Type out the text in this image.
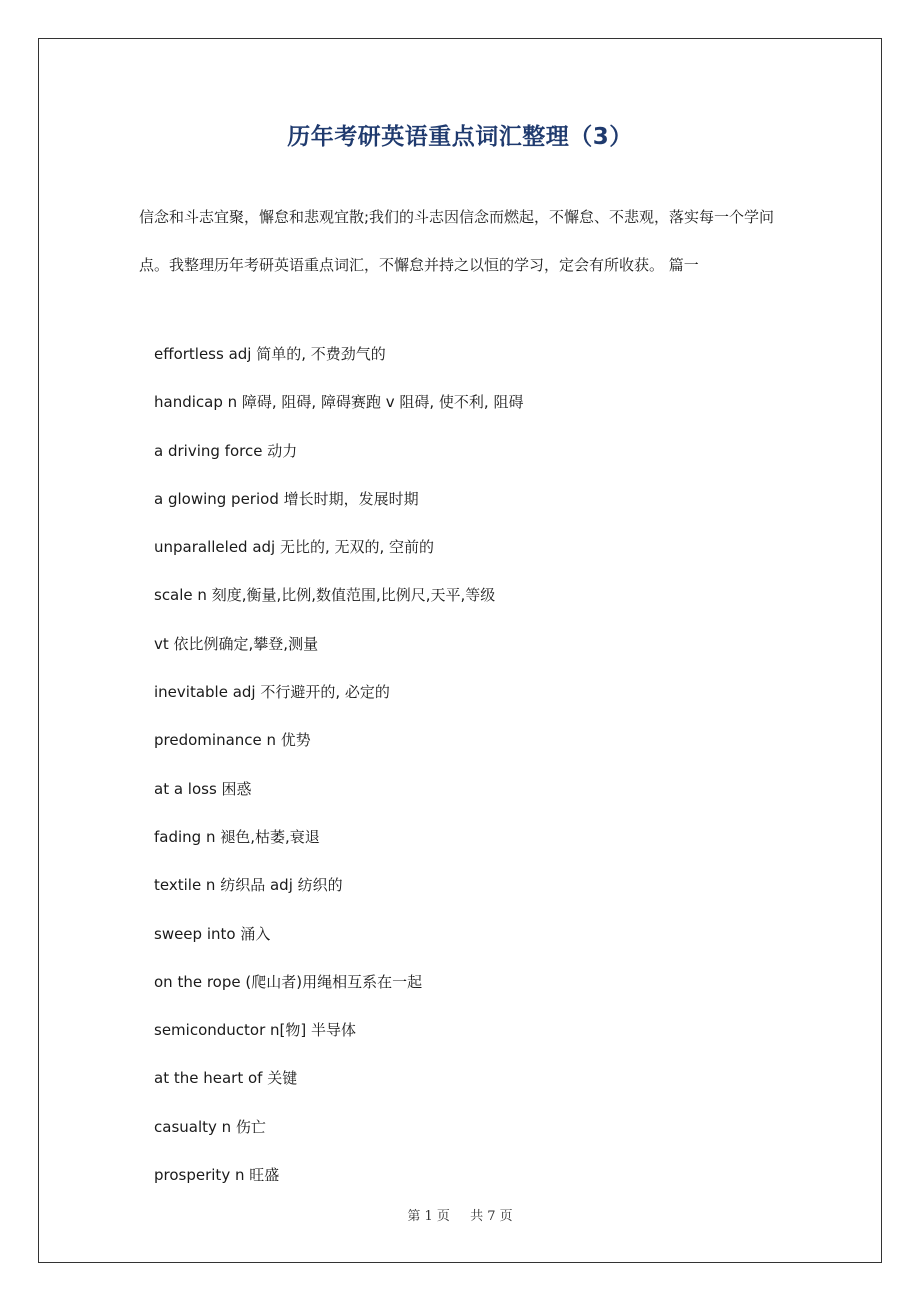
历年考研英语重点词汇整理（3）

信念和斗志宜聚，懈怠和悲观宜散;我们的斗志因信念而燃起，不懈怠、不悲观，落实每一个学问点。我整理历年考研英语重点词汇，不懈怠并持之以恒的学习，定会有所收获。 篇一

effortless adj 简单的, 不费劲气的
handicap n 障碍, 阻碍, 障碍赛跑 v 阻碍, 使不利, 阻碍
a driving force 动力
a glowing period 增长时期，发展时期
unparalleled adj 无比的, 无双的, 空前的
scale n 刻度,衡量,比例,数值范围,比例尺,天平,等级
vt 依比例确定,攀登,测量
inevitable adj 不行避开的, 必定的
predominance n 优势
at a loss 困惑
fading n 褪色,枯萎,衰退
textile n 纺织品 adj 纺织的
sweep into 涌入
on the rope (爬山者)用绳相互系在一起
semiconductor n[物] 半导体
at the heart of 关键
casualty n 伤亡
prosperity n 旺盛
第 1 页 共 7 页
